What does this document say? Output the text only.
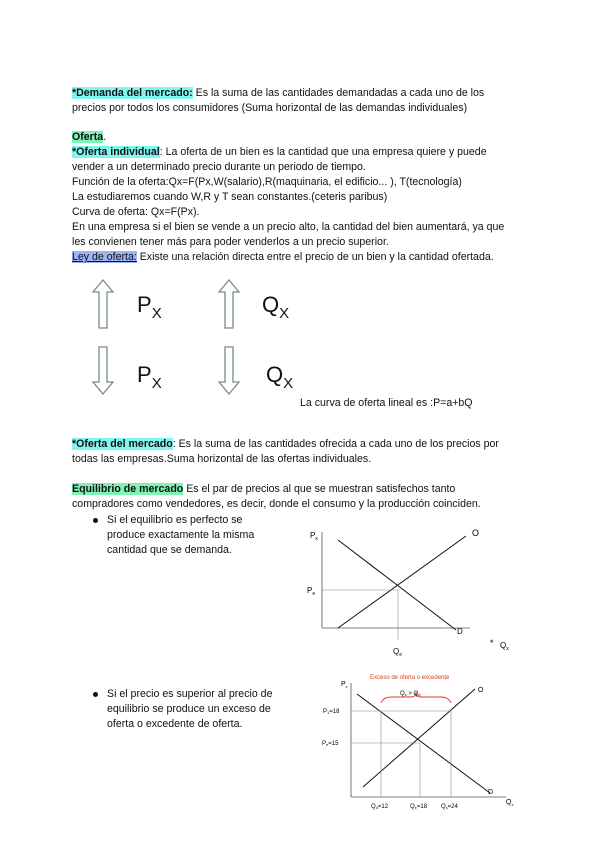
*Demanda del mercado: Es la suma de las cantidades demandadas a cada uno de los
precios por todos los consumidores (Suma horizontal de las demandas individuales)
Oferta.
*Oferta individual: La oferta de un bien es la cantidad que una empresa quiere y puede
vender a un determinado precio durante un periodo de tiempo.
Función de la oferta:Qx=F(Px,W(salario),R(maquinaria, el edificio... ), T(tecnología)
La estudiaremos cuando W,R y T sean constantes.(ceteris paribus)
Curva de oferta: Qx=F(Px).
En una empresa si el bien se vende a un precio alto, la cantidad del bien aumentará, ya que
les convienen tener más para poder venderlos a un precio superior.
Ley de oferta: Existe una relación directa entre el precio de un bien y la cantidad ofertada.
$P_X$	$Q_X$
$P_X$	$Q_X$
La curva de oferta lineal es :P=a+bQ
*Oferta del mercado: Es la suma de las cantidades ofrecida a cada uno de los precios por
todas las empresas.Suma horizontal de las ofertas individuales.
Equilibrio de mercado Es el par de precios al que se muestran satisfechos tanto
compradores como vendedores, es decir, donde el consumo y la producción coinciden.
Si el equilibrio es perfecto se
produce exactamente la misma
cantidad que se demanda.
Si el precio es superior al precio de
equilibrio se produce un exceso de
oferta o excedente de oferta.
$P_x$
$P_e$
$Q_e$
O
D
* $Q_x$
Exceso de oferta o excedente
Qs > Qd
$P_x$
P1=18
Pe=15
Qd=12	Qe=18 Qs=24
O
D
$Q_x$
